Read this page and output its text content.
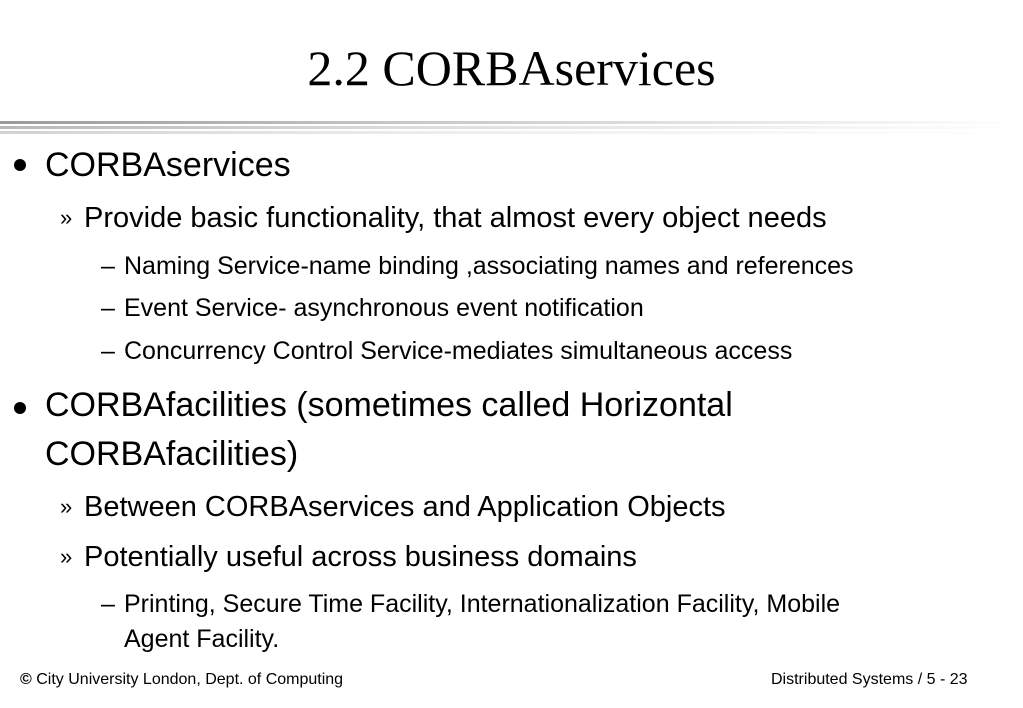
2.2 CORBAservices
CORBAservices
» Provide basic functionality, that almost every object needs
– Naming Service-name binding ,associating names and references
– Event Service- asynchronous event notification
– Concurrency Control Service-mediates simultaneous access
CORBAfacilities (sometimes called Horizontal
CORBAfacilities)
» Between CORBAservices and Application Objects
» Potentially useful across business domains
– Printing, Secure Time Facility, Internationalization Facility, Mobile
Agent Facility.
© City University London, Dept. of Computing	Distributed Systems / 5 - 23
